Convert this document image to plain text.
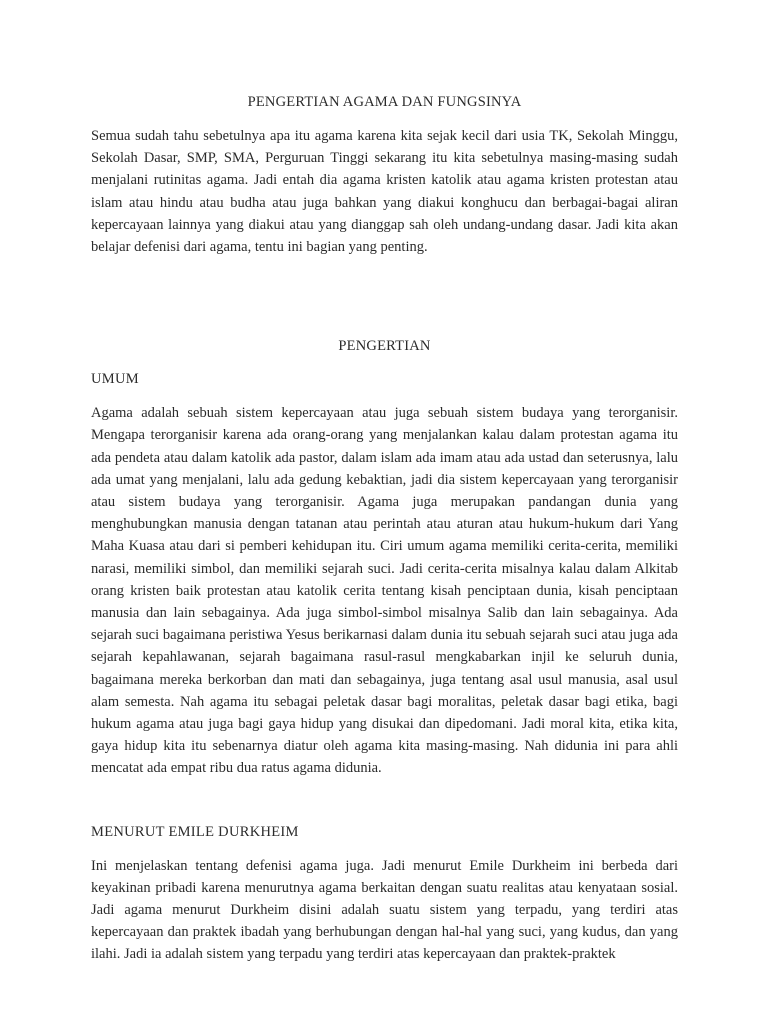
PENGERTIAN AGAMA DAN FUNGSINYA

Semua sudah tahu sebetulnya apa itu agama karena kita sejak kecil dari usia TK, Sekolah Minggu, Sekolah Dasar, SMP, SMA, Perguruan Tinggi sekarang itu kita sebetulnya masing-masing sudah menjalani rutinitas agama. Jadi entah dia agama kristen katolik atau agama kristen protestan atau islam atau hindu atau budha atau juga bahkan yang diakui konghucu dan berbagai-bagai aliran kepercayaan lainnya yang diakui atau yang dianggap sah oleh undang-undang dasar. Jadi kita akan belajar defenisi dari agama, tentu ini bagian yang penting.

PENGERTIAN
UMUM

Agama adalah sebuah sistem kepercayaan atau juga sebuah sistem budaya yang terorganisir. Mengapa terorganisir karena ada orang-orang yang menjalankan kalau dalam protestan agama itu ada pendeta atau dalam katolik ada pastor, dalam islam ada imam atau ada ustad dan seterusnya, lalu ada umat yang menjalani, lalu ada gedung kebaktian, jadi dia sistem kepercayaan yang terorganisir atau sistem budaya yang terorganisir. Agama juga merupakan pandangan dunia yang menghubungkan manusia dengan tatanan atau perintah atau aturan atau hukum-hukum dari Yang Maha Kuasa atau dari si pemberi kehidupan itu. Ciri umum agama memiliki cerita-cerita, memiliki narasi, memiliki simbol, dan memiliki sejarah suci. Jadi cerita-cerita misalnya kalau dalam Alkitab orang kristen baik protestan atau katolik cerita tentang kisah penciptaan dunia, kisah penciptaan manusia dan lain sebagainya. Ada juga simbol-simbol misalnya Salib dan lain sebagainya. Ada sejarah suci bagaimana peristiwa Yesus berikarnasi dalam dunia itu sebuah sejarah suci atau juga ada sejarah kepahlawanan, sejarah bagaimana rasul-rasul mengkabarkan injil ke seluruh dunia, bagaimana mereka berkorban dan mati dan sebagainya, juga tentang asal usul manusia, asal usul alam semesta. Nah agama itu sebagai peletak dasar bagi moralitas, peletak dasar bagi etika, bagi hukum agama atau juga bagi gaya hidup yang disukai dan dipedomani. Jadi moral kita, etika kita, gaya hidup kita itu sebenarnya diatur oleh agama kita masing-masing. Nah didunia ini para ahli mencatat ada empat ribu dua ratus agama didunia.

MENURUT EMILE DURKHEIM

Ini menjelaskan tentang defenisi agama juga. Jadi menurut Emile Durkheim ini berbeda dari keyakinan pribadi karena menurutnya agama berkaitan dengan suatu realitas atau kenyataan sosial. Jadi agama menurut Durkheim disini adalah suatu sistem yang terpadu, yang terdiri atas kepercayaan dan praktek ibadah yang berhubungan dengan hal-hal yang suci, yang kudus, dan yang ilahi. Jadi ia adalah sistem yang terpadu yang terdiri atas kepercayaan dan praktek-praktek
